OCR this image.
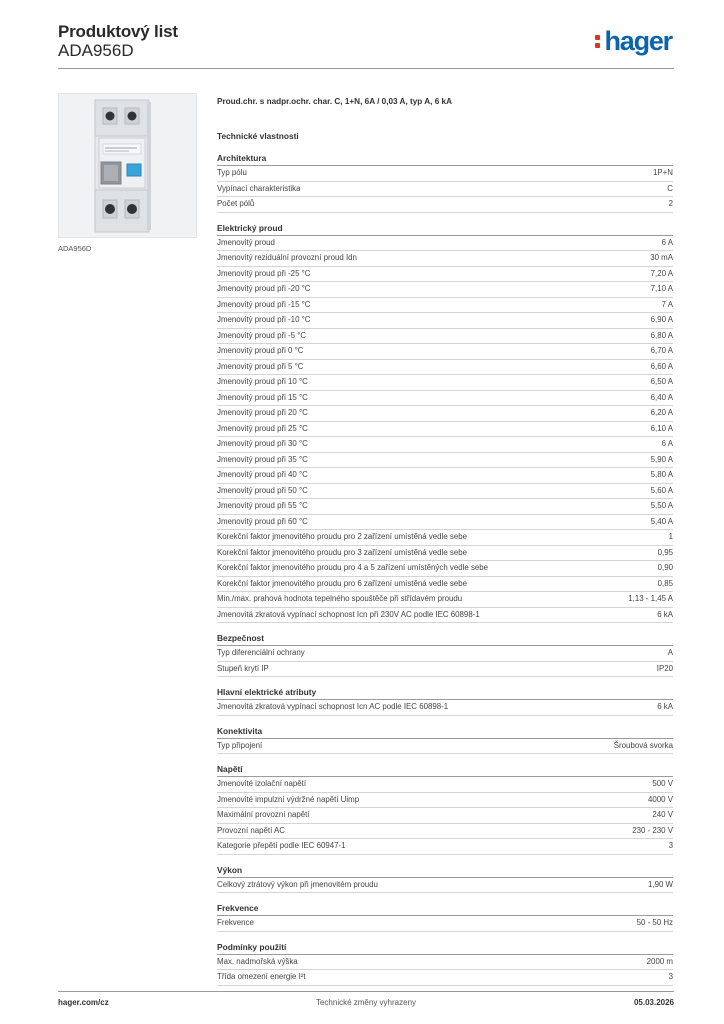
Produktový list
ADA956D	hager
ADA956D
Proud.chr. s nadpr.ochr. char. C, 1+N, 6A / 0,03 A, typ A, 6 kA
Technické vlastnosti
Architektura
Typ pólu	1P+N
Vypínací charakteristika	C
Počet pólů	2
Elektrický proud
Jmenovitý proud	6 A
Jmenovitý reziduální provozní proud Idn	30 mA
Jmenovitý proud při -25 °C	7,20 A
Jmenovitý proud při -20 °C	7,10 A
Jmenovitý proud při -15 °C	7 A
Jmenovitý proud při -10 °C	6,90 A
Jmenovitý proud při -5 °C	6,80 A
Jmenovitý proud při 0 °C	6,70 A
Jmenovitý proud při 5 °C	6,60 A
Jmenovitý proud při 10 °C	6,50 A
Jmenovitý proud při 15 °C	6,40 A
Jmenovitý proud při 20 °C	6,20 A
Jmenovitý proud při 25 °C	6,10 A
Jmenovitý proud při 30 °C	6 A
Jmenovitý proud při 35 °C	5,90 A
Jmenovitý proud při 40 °C	5,80 A
Jmenovitý proud při 50 °C	5,60 A
Jmenovitý proud při 55 °C	5,50 A
Jmenovitý proud při 60 °C	5,40 A
Korekční faktor jmenovitého proudu pro 2 zařízení umístěná vedle sebe	1
Korekční faktor jmenovitého proudu pro 3 zařízení umístěná vedle sebe	0,95
Korekční faktor jmenovitého proudu pro 4 a 5 zařízení umístěných vedle sebe	0,90
Korekční faktor jmenovitého proudu pro 6 zařízení umístěná vedle sebe	0,85
Min./max. prahová hodnota tepelného spouštěče při střídavém proudu	1,13 - 1,45 A
Jmenovitá zkratová vypínací schopnost Icn při 230V AC podle IEC 60898-1	6 kA
Bezpečnost
Typ diferenciální ochrany	A
Stupeň krytí IP	IP20
Hlavní elektrické atributy
Jmenovitá zkratová vypínací schopnost Icn AC podle IEC 60898-1	6 kA
Konektivita
Typ připojení	Šroubová svorka
Napětí
Jmenovité izolační napětí	500 V
Jmenovité impulzní výdržné napětí Uimp	4000 V
Maximální provozní napětí	240 V
Provozní napětí AC	230 - 230 V
Kategorie přepětí podle IEC 60947-1	3
Výkon
Celkový ztrátový výkon při jmenovitém proudu	1,90 W
Frekvence
Frekvence	50 - 50 Hz
Podmínky použití
Max. nadmořská výška	2000 m
Třída omezení energie I²t	3
Technické změny vyhrazeny
hager.com/cz	05.03.2026
